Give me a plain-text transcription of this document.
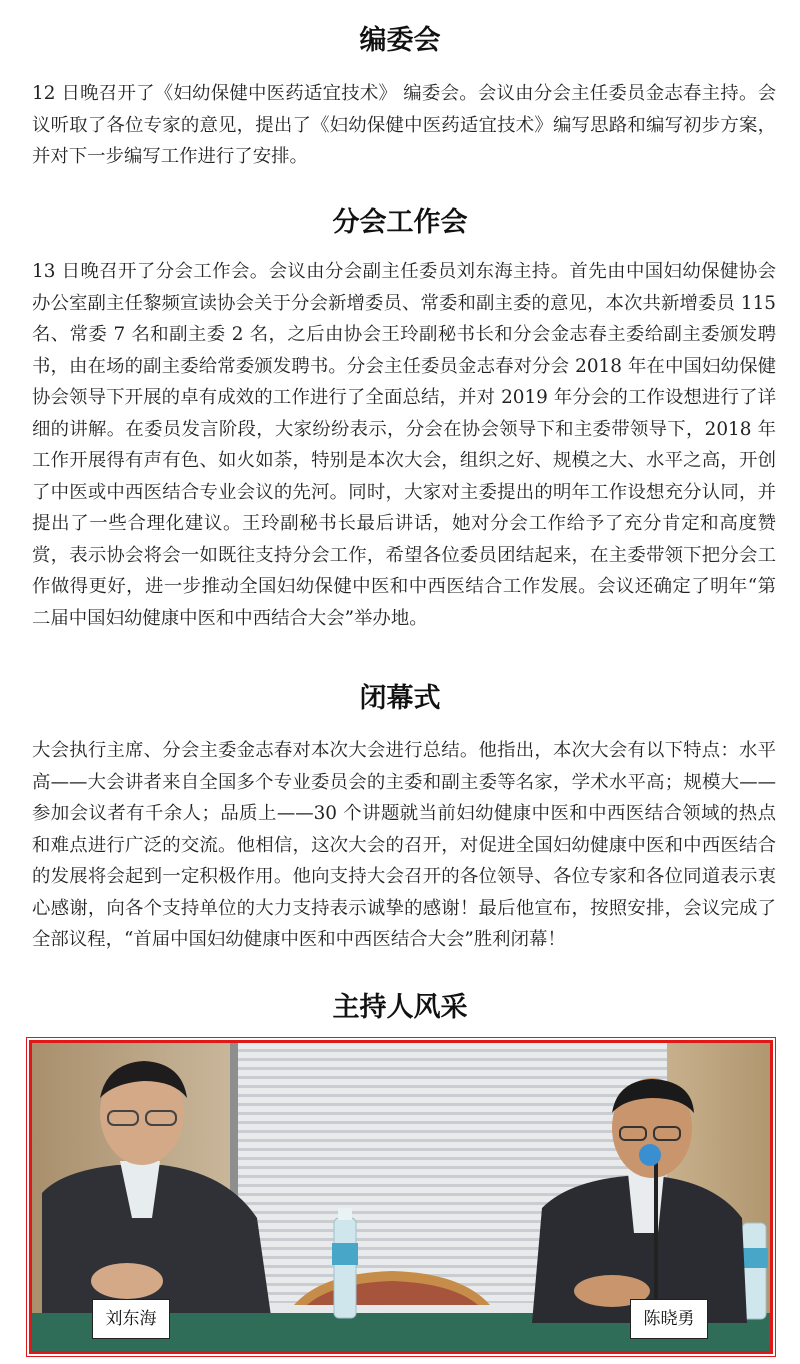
编委会
12 日晚召开了《妇幼保健中医药适宜技术》 编委会。会议由分会主任委员金志春主持。会议听取了各位专家的意见，提出了《妇幼保健中医药适宜技术》编写思路和编写初步方案，并对下一步编写工作进行了安排。
分会工作会
13 日晚召开了分会工作会。会议由分会副主任委员刘东海主持。首先由中国妇幼保健协会办公室副主任黎频宣读协会关于分会新增委员、常委和副主委的意见，本次共新增委员 115 名、常委 7 名和副主委 2 名，之后由协会王玲副秘书长和分会金志春主委给副主委颁发聘书，由在场的副主委给常委颁发聘书。分会主任委员金志春对分会 2018 年在中国妇幼保健协会领导下开展的卓有成效的工作进行了全面总结，并对 2019 年分会的工作设想进行了详细的讲解。在委员发言阶段，大家纷纷表示，分会在协会领导下和主委带领导下，2018 年工作开展得有声有色、如火如荼，特别是本次大会，组织之好、规模之大、水平之高，开创了中医或中西医结合专业会议的先河。同时，大家对主委提出的明年工作设想充分认同，并提出了一些合理化建议。王玲副秘书长最后讲话，她对分会工作给予了充分肯定和高度赞赏，表示协会将会一如既往支持分会工作，希望各位委员团结起来，在主委带领下把分会工作做得更好，进一步推动全国妇幼保健中医和中西医结合工作发展。会议还确定了明年“第二届中国妇幼健康中医和中西结合大会”举办地。
闭幕式
大会执行主席、分会主委金志春对本次大会进行总结。他指出，本次大会有以下特点：水平高——大会讲者来自全国多个专业委员会的主委和副主委等名家，学术水平高；规模大——参加会议者有千余人；品质上——30 个讲题就当前妇幼健康中医和中西医结合领域的热点和难点进行广泛的交流。他相信，这次大会的召开，对促进全国妇幼健康中医和中西医结合的发展将会起到一定积极作用。他向支持大会召开的各位领导、各位专家和各位同道表示衷心感谢，向各个支持单位的大力支持表示诚挚的感谢！最后他宣布，按照安排，会议完成了全部议程，“首届中国妇幼健康中医和中西医结合大会”胜利闭幕！
主持人风采
刘东海	陈晓勇
